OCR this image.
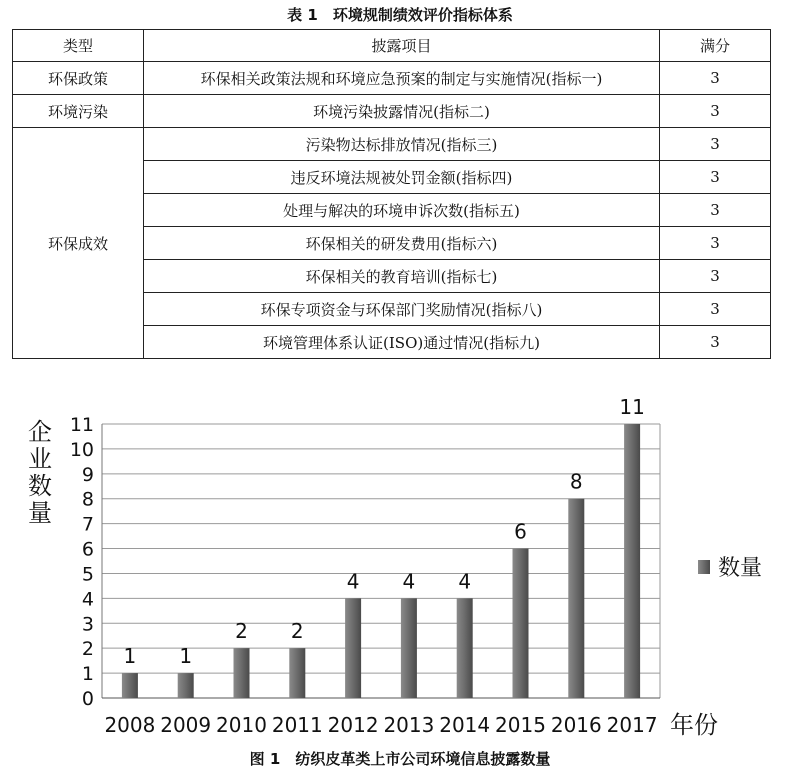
表 1　环境规制绩效评价指标体系
类型	披露项目	满分
环保政策	环保相关政策法规和环境应急预案的制定与实施情况(指标一)	3
环境污染	环境污染披露情况(指标二)	3
环保成效	污染物达标排放情况(指标三)	3
	违反环境法规被处罚金额(指标四)	3
	处理与解决的环境申诉次数(指标五)	3
	环保相关的研发费用(指标六)	3
	环保相关的教育培训(指标七)	3
	环保专项资金与环保部门奖励情况(指标八)	3
	环境管理体系认证(ISO)通过情况(指标九)	3
0
1
2
3
4
5
6
7
8
9
10
11
1
2008
1
2009
2
2010
2
2011
4
2012
4
2013
4
2014
6
2015
8
2016
11
2017
企业数量
年份
数量
图 1　纺织皮革类上市公司环境信息披露数量
